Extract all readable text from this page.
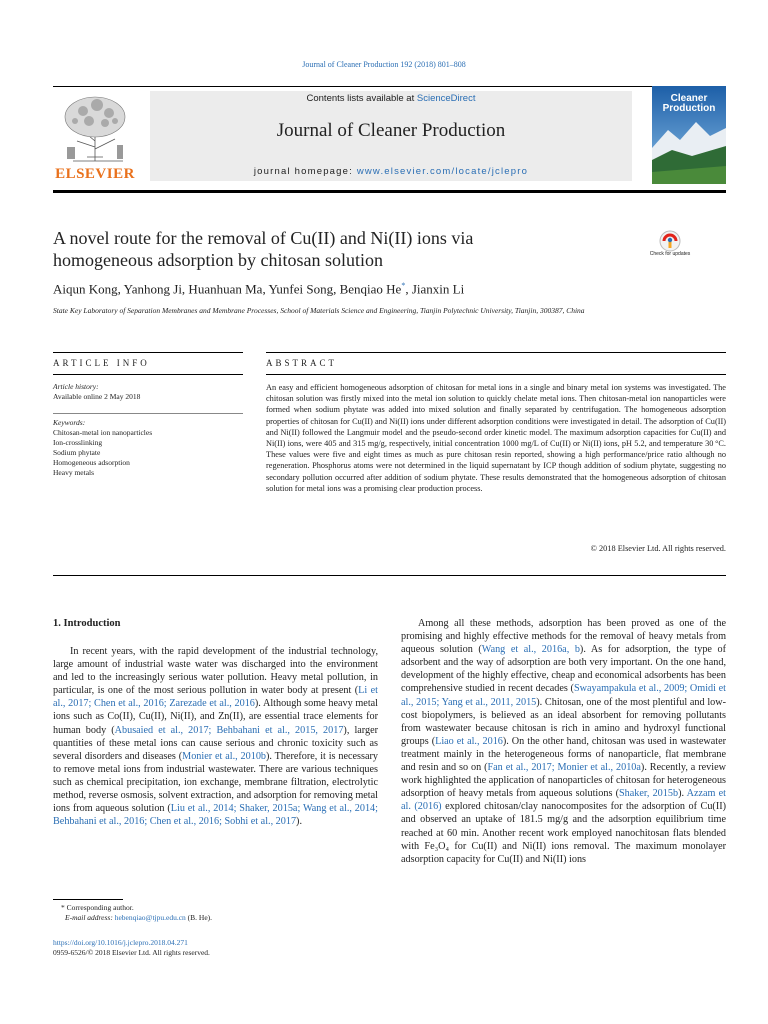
Journal of Cleaner Production 192 (2018) 801–808
ELSEVIER
Contents lists available at ScienceDirect
Journal of Cleaner Production
journal homepage: www.elsevier.com/locate/jclepro
Cleaner
Production
A novel route for the removal of Cu(II) and Ni(II) ions via
homogeneous adsorption by chitosan solution	Check for updates
Aiqun Kong, Yanhong Ji, Huanhuan Ma, Yunfei Song, Benqiao He*, Jianxin Li
State Key Laboratory of Separation Membranes and Membrane Processes, School of Materials Science and Engineering, Tianjin Polytechnic University, Tianjin, 300387, China
ARTICLE INFO	ABSTRACT
Article history:
Available online 2 May 2018
Keywords:
Chitosan-metal ion nanoparticles
Ion-crosslinking
Sodium phytate
Homogeneous adsorption
Heavy metals
An easy and efficient homogeneous adsorption of chitosan for metal ions in a single and binary metal ion systems was investigated. The chitosan solution was firstly mixed into the metal ion solution to quickly chelate metal ions. Then chitosan-metal ion nanoparticles were formed when sodium phytate was added into mixed solution and finally separated by centrifugation. The homogeneous adsorption properties of chitosan for Cu(II) and Ni(II) ions under different adsorption conditions were investigated in detail. The adsorption of Cu(II) and Ni(II) followed the Langmuir model and the pseudo-second order kinetic model. The maximum adsorption capacities for Cu(II) and Ni(II) ions, were 405 and 315 mg/g, respectively, initial concentration 1000 mg/L of Cu(II) or Ni(II) ions, pH 5.2, and temperature 30 °C. These values were five and eight times as much as pure chitosan resin reported, showing a high performance/price ratio although no regeneration. Phosphorus atoms were not determined in the liquid supernatant by ICP though addition of sodium phytate, suggesting no secondary pollution occurred after addition of sodium phytate. These results demonstrated that the homogeneous adsorption of chitosan solution for metal ions was a promising clear production process.
© 2018 Elsevier Ltd. All rights reserved.
1. Introduction

In recent years, with the rapid development of the industrial technology, large amount of industrial waste water was discharged into the environment and led to the increasingly serious water pollution. Heavy metal pollution, in particular, is one of the most serious pollution in water body at present (Li et al., 2017; Chen et al., 2016; Zarezade et al., 2016). Although some heavy metal ions such as Co(II), Cu(II), Ni(II), and Zn(II), are essential trace elements for human body (Abusaied et al., 2017; Behbahani et al., 2015, 2017), larger quantities of these metal ions can cause serious and chronic toxicity such as several disorders and diseases (Monier et al., 2010b). Therefore, it is necessary to remove metal ions from industrial wastewater. There are various techniques such as chemical precipitation, ion exchange, membrane filtration, electrolytic method, reverse osmosis, solvent extraction, and adsorption for removing metal ions from aqueous solution (Liu et al., 2014; Shaker, 2015a; Wang et al., 2014; Behbahani et al., 2016; Chen et al., 2016; Sobhi et al., 2017).

Among all these methods, adsorption has been proved as one of the promising and highly effective methods for the removal of heavy metals from aqueous solution (Wang et al., 2016a, b). As for adsorption, the type of adsorbent and the way of adsorption are both very important. On the one hand, development of the highly effective, cheap and economical adsorbents has been comprehensive studied in recent decades (Swayampakula et al., 2009; Omidi et al., 2015; Yang et al., 2011, 2015). Chitosan, one of the most plentiful and low-cost biopolymers, is believed as an ideal absorbent for removing pollutants from wastewater because chitosan is rich in amino and hydroxyl functional groups (Liao et al., 2016). On the other hand, chitosan was used in wastewater treatment mainly in the heterogeneous forms of nanoparticle, flat membrane and resin and so on (Fan et al., 2017; Monier et al., 2010a). Recently, a review work highlighted the application of nanoparticles of chitosan for heterogeneous adsorption of heavy metals from aqueous solutions (Shaker, 2015b). Azzam et al. (2016) explored chitosan/clay nanocomposites for the adsorption of Cu(II) and observed an uptake of 181.5 mg/g and the adsorption equilibrium time reached at 60 min. Another recent work employed nanochitosan flats blended with Fe₃O₄ for Cu(II) and Ni(II) ions removal. The maximum monolayer adsorption capacity for Cu(II) and Ni(II) ions

* Corresponding author.
E-mail address: hebenqiao@tjpu.edu.cn (B. He).
https://doi.org/10.1016/j.jclepro.2018.04.271
0959-6526/© 2018 Elsevier Ltd. All rights reserved.
